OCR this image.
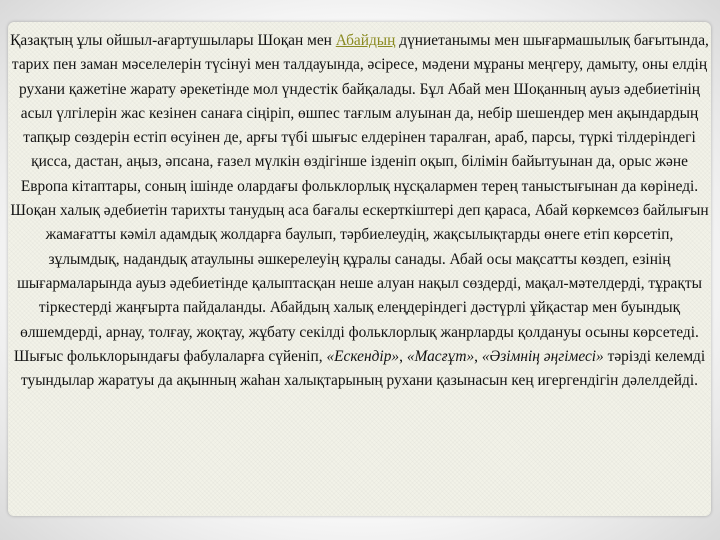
Қазақтың ұлы ойшыл-ағартушылары Шоқан мен Абайдың дүниетанымы мен шығармашылық бағытында, тарих пен заман мәселелерін түсінуі мен талдауында, әсіресе, мәдени мұраны меңгеру, дамыту, оны елдің рухани қажетіне жарату әрекетінде мол үндестік байқалады. Бұл Абай мен Шоқанның ауыз әдебиетінің асыл үлгілерін жас кезінен санаға сіңіріп, өшпес тағлым алуынан да, небір шешендер мен ақындардың тапқыр сөздерін естіп өсуінен де, арғы түбі шығыс елдерінен таралған, араб, парсы, түркі тілдеріндегі қисса, дастан, аңыз, әпсана, ғазел мүлкін өздігінше ізденіп оқып, білімін байытуынан да, орыс және Европа кітаптары, соның ішінде олардағы фольклорлық нұсқалармен терең таныстығынан да көрінеді. Шоқан халық әдебиетін тарихты танудың аса бағалы ескерткіштері деп қараса, Абай көркемсөз байлығын жамағатты кәміл адамдық жолдарға баулып, тәрбиелеудің, жақсылықтарды өнеге етіп көрсетіп, зұлымдық, надандық атаулыны әшкерелеуің құралы санады. Абай осы мақсатты көздеп, езінің шығармаларында ауыз әдебиетінде қалыптасқан неше алуан нақыл сөздерді, мақал-мәтелдерді, тұрақты тіркестерді жаңғырта пайдаланды. Абайдың халық елеңдеріндегі дәстүрлі ұйқастар мен буындық өлшемдерді, арнау, толғау, жоқтау, жұбату секілді фольклорлық жанрларды қолдануы осыны көрсетеді. Шығыс фольклорындағы фабулаларға сүйеніп, «Ескендір», «Масғұт», «Әзімнің әңгімесі» тәрізді келемді туындылар жаратуы да ақынның жаһан халықтарының рухани қазынасын кең игергендігін дәлелдейді.
